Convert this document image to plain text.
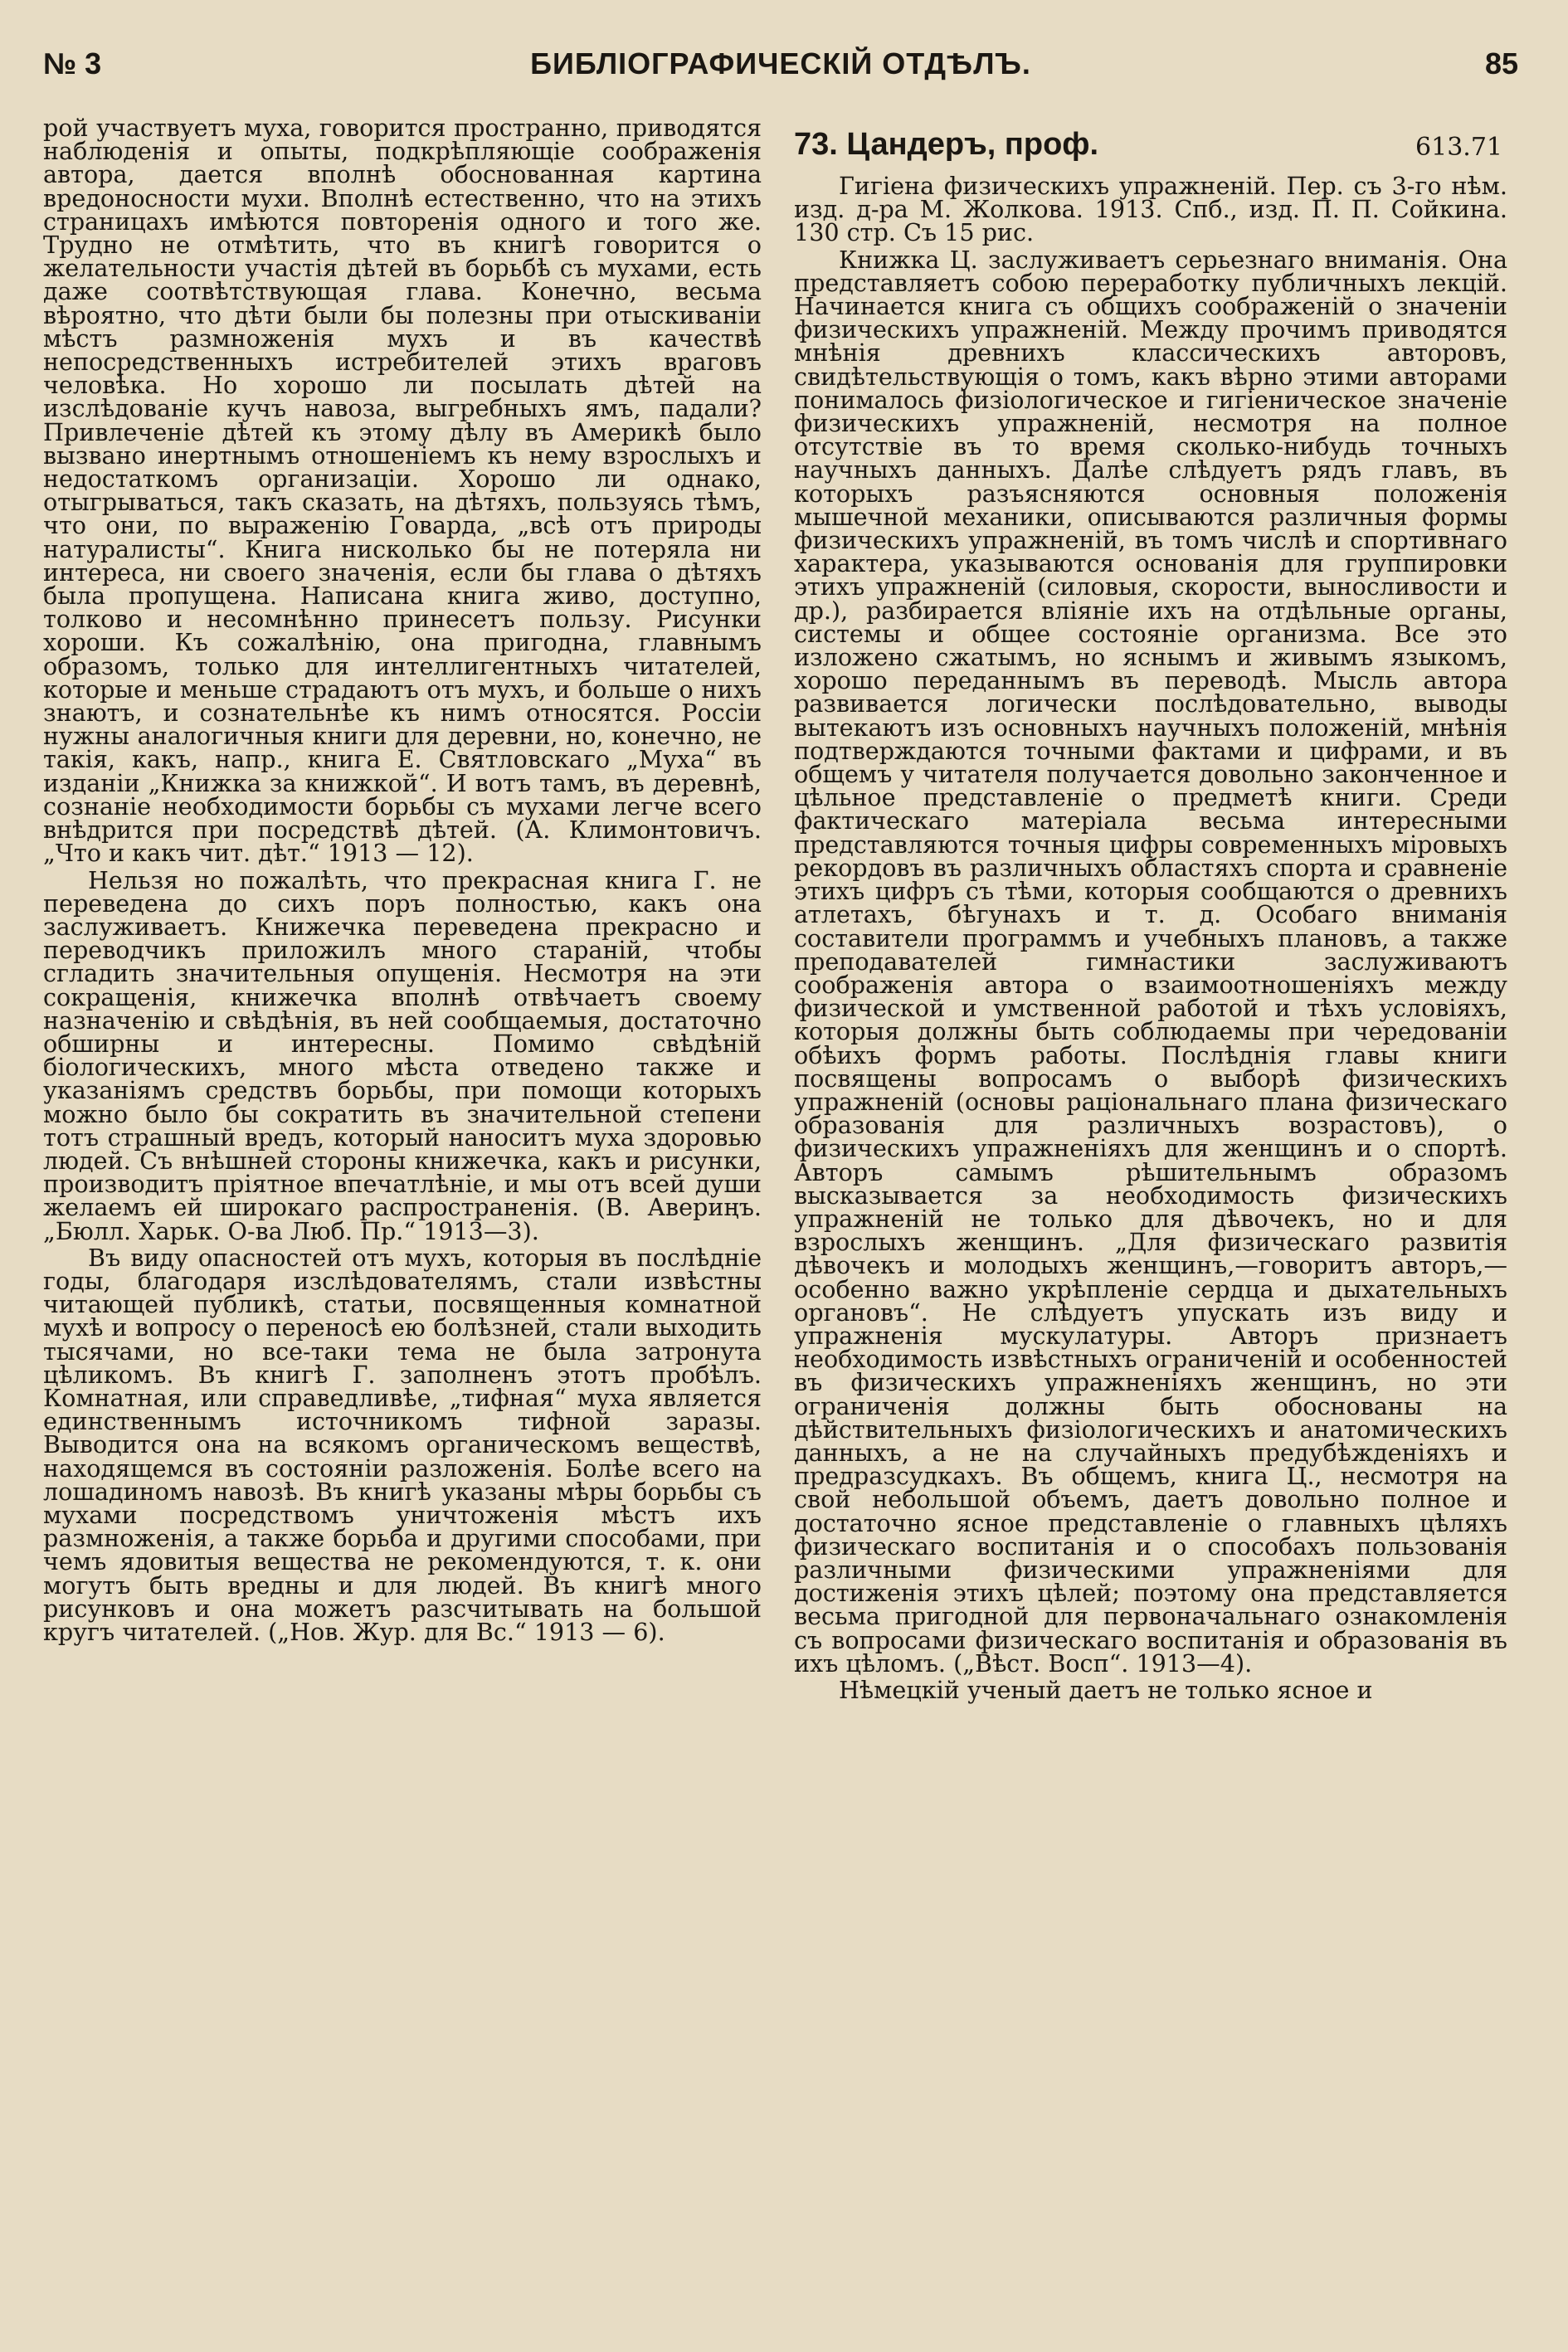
№ 3	БИБЛІОГРАФИЧЕСКІЙ ОТДѢЛЪ.	85

рой участвуетъ муха, говорится пространно, приводятся наблюденія и опыты, подкрѣпляющіе соображенія автора, дается вполнѣ обоснованная картина вредоносности мухи. Вполнѣ естественно, что на этихъ страницахъ имѣются повторенія одного и того же. Трудно не отмѣтить, что въ книгѣ говорится о желательности участія дѣтей въ борьбѣ съ мухами, есть даже соотвѣтствующая глава. Конечно, весьма вѣроятно, что дѣти были бы полезны при отыскиваніи мѣстъ размноженія мухъ и въ качествѣ непосредственныхъ истребителей этихъ враговъ человѣка. Но хорошо ли посылать дѣтей на изслѣдованіе кучъ навоза, выгребныхъ ямъ, падали? Привлеченіе дѣтей къ этому дѣлу въ Америкѣ было вызвано инертнымъ отношеніемъ къ нему взрослыхъ и недостаткомъ организаціи. Хорошо ли однако, отыгрываться, такъ сказать, на дѣтяхъ, пользуясь тѣмъ, что они, по выраженію Говарда, „всѣ отъ природы натуралисты“. Книга нисколько бы не потеряла ни интереса, ни своего значенія, если бы глава о дѣтяхъ была пропущена. Написана книга живо, доступно, толково и несомнѣнно принесетъ пользу. Рисунки хороши. Къ сожалѣнію, она пригодна, главнымъ образомъ, только для интеллигентныхъ читателей, которые и меньше страдаютъ отъ мухъ, и больше о нихъ знаютъ, и сознательнѣе къ нимъ относятся. Россіи нужны аналогичныя книги для деревни, но, конечно, не такія, какъ, напр., книга Е. Святловскаго „Муха“ въ изданіи „Книжка за книжкой“. И вотъ тамъ, въ деревнѣ, сознаніе необходимости борьбы съ мухами легче всего внѣдрится при посредствѣ дѣтей. (А. Климонтовичъ. „Что и какъ чит. дѣт.“ 1913 — 12).

Нельзя но пожалѣть, что прекрасная книга Г. не переведена до сихъ поръ полностью, какъ она заслуживаетъ. Книжечка переведена прекрасно и переводчикъ приложилъ много стараній, чтобы сгладить значительныя опущенія. Несмотря на эти сокращенія, книжечка вполнѣ отвѣчаетъ своему назначенію и свѣдѣнія, въ ней сообщаемыя, достаточно обширны и интересны. Помимо свѣдѣній біологическихъ, много мѣста отведено также и указаніямъ средствъ борьбы, при помощи которыхъ можно было бы сократить въ значительной степени тотъ страшный вредъ, который наноситъ муха здоровью людей. Съ внѣшней стороны книжечка, какъ и рисунки, производитъ пріятное впечатлѣніе, и мы отъ всей души желаемъ ей широкаго распространенія. (В. Авериңъ. „Бюлл. Харьк. О-ва Люб. Пр.“ 1913—3).

Въ виду опасностей отъ мухъ, которыя въ послѣдніе годы, благодаря изслѣдователямъ, стали извѣстны читающей публикѣ, статьи, посвященныя комнатной мухѣ и вопросу о переносѣ ею болѣзней, стали выходить тысячами, но все-таки тема не была затронута цѣликомъ. Въ книгѣ Г. заполненъ этотъ пробѣлъ. Комнатная, или справедливѣе, „тифная“ муха является единственнымъ источникомъ тифной заразы. Выводится она на всякомъ органическомъ веществѣ, находящемся въ состояніи разложенія. Болѣе всего на лошадиномъ навозѣ. Въ книгѣ указаны мѣры борьбы съ мухами посредствомъ уничтоженія мѣстъ ихъ размноженія, а также борьба и другими способами, при чемъ ядовитыя вещества не рекомендуются, т. к. они могутъ быть вредны и для людей. Въ книгѣ много рисунковъ и она можетъ разсчитывать на большой кругъ читателей. („Нов. Жур. для Вс.“ 1913 — 6).

73. Цандеръ, проф.	613.71

Гигіена физическихъ упражненій. Пер. съ 3-го нѣм. изд. д-ра М. Жолкова. 1913. Спб., изд. П. П. Сойкина. 130 стр. Съ 15 рис.

Книжка Ц. заслуживаетъ серьезнаго вниманія. Она представляетъ собою переработку публичныхъ лекцій. Начинается книга съ общихъ соображеній о значеніи физическихъ упражненій. Между прочимъ приводятся мнѣнія древнихъ классическихъ авторовъ, свидѣтельствующія о томъ, какъ вѣрно этими авторами понималось физіологическое и гигіеническое значеніе физическихъ упражненій, несмотря на полное отсутствіе въ то время сколько-нибудь точныхъ научныхъ данныхъ. Далѣе слѣдуетъ рядъ главъ, въ которыхъ разъясняются основныя положенія мышечной механики, описываются различныя формы физическихъ упражненій, въ томъ числѣ и спортивнаго характера, указываются основанія для группировки этихъ упражненій (силовыя, скорости, выносливости и др.), разбирается вліяніе ихъ на отдѣльные органы, системы и общее состояніе организма. Все это изложено сжатымъ, но яснымъ и живымъ языкомъ, хорошо переданнымъ въ переводѣ. Мысль автора развивается логически послѣдовательно, выводы вытекаютъ изъ основныхъ научныхъ положеній, мнѣнія подтверждаются точными фактами и цифрами, и въ общемъ у читателя получается довольно законченное и цѣльное представленіе о предметѣ книги. Среди фактическаго матеріала весьма интересными представляются точныя цифры современныхъ міровыхъ рекордовъ въ различныхъ областяхъ спорта и сравненіе этихъ цифръ съ тѣми, которыя сообщаются о древнихъ атлетахъ, бѣгунахъ и т. д. Особаго вниманія составители программъ и учебныхъ плановъ, а также преподавателей гимнастики заслуживаютъ соображенія автора о взаимоотношеніяхъ между физической и умственной работой и тѣхъ условіяхъ, которыя должны быть соблюдаемы при чередованіи обѣихъ формъ работы. Послѣднія главы книги посвящены вопросамъ о выборѣ физическихъ упражненій (основы раціональнаго плана физическаго образованія для различныхъ возрастовъ), о физическихъ упражненіяхъ для женщинъ и о спортѣ. Авторъ самымъ рѣшительнымъ образомъ высказывается за необходимость физическихъ упражненій не только для дѣвочекъ, но и для взрослыхъ женщинъ. „Для физическаго развитія дѣвочекъ и молодыхъ женщинъ,—говоритъ авторъ,—особенно важно укрѣпленіе сердца и дыхательныхъ органовъ“. Не слѣдуетъ упускать изъ виду и упражненія мускулатуры. Авторъ признаетъ необходимость извѣстныхъ ограниченій и особенностей въ физическихъ упражненіяхъ женщинъ, но эти ограниченія должны быть обоснованы на дѣйствительныхъ физіологическихъ и анатомическихъ данныхъ, а не на случайныхъ предубѣжденіяхъ и предразсудкахъ. Въ общемъ, книга Ц., несмотря на свой небольшой объемъ, даетъ довольно полное и достаточно ясное представленіе о главныхъ цѣляхъ физическаго воспитанія и о способахъ пользованія различными физическими упражненіями для достиженія этихъ цѣлей; поэтому она представляется весьма пригодной для первоначальнаго ознакомленія съ вопросами физическаго воспитанія и образованія въ ихъ цѣломъ. („Вѣст. Восп“. 1913—4).

Нѣмецкій ученый даетъ не только ясное и
